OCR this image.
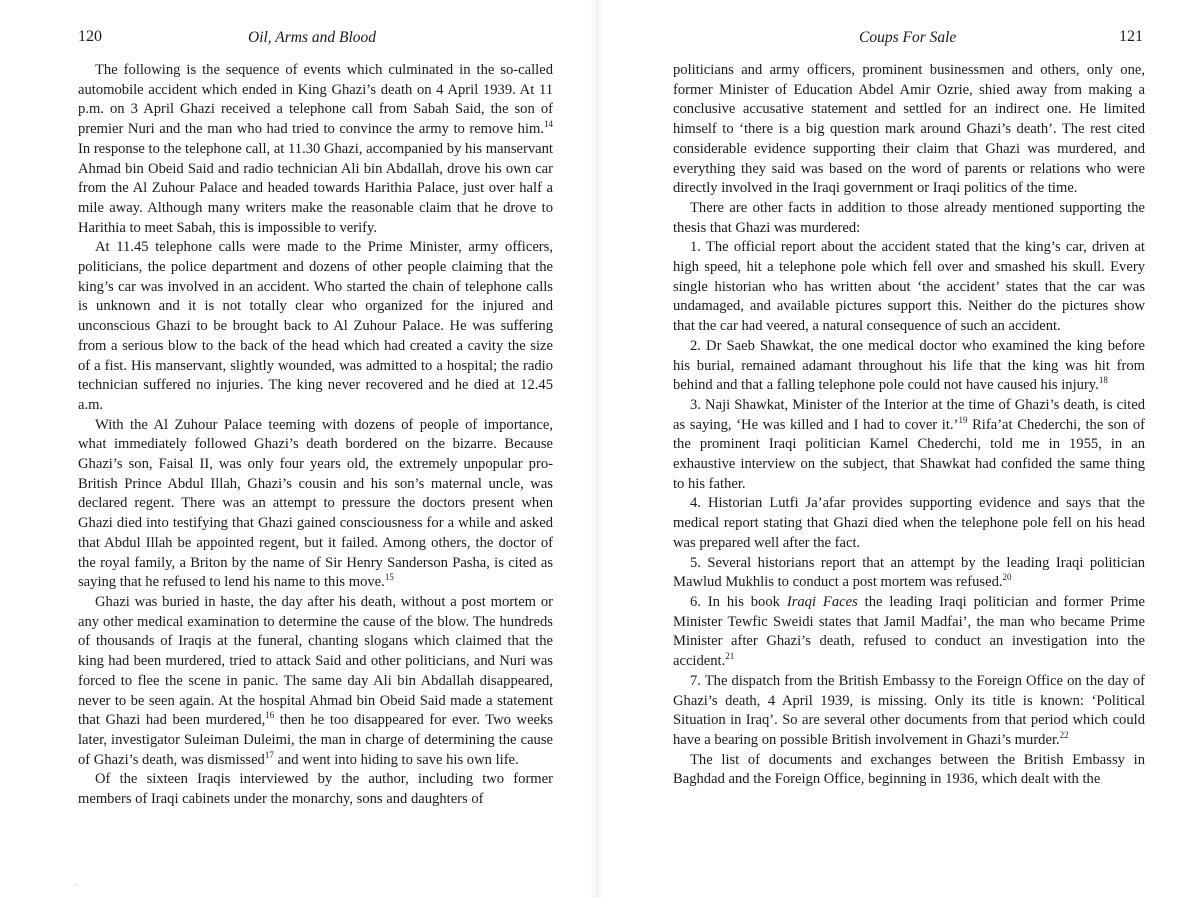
120	Oil, Arms and Blood

The following is the sequence of events which culminated in the so-called automobile accident which ended in King Ghazi’s death on 4 April 1939. At 11 p.m. on 3 April Ghazi received a telephone call from Sabah Said, the son of premier Nuri and the man who had tried to convince the army to remove him.$^{14}$ In response to the telephone call, at 11.30 Ghazi, accompanied by his manservant Ahmad bin Obeid Said and radio technician Ali bin Abdallah, drove his own car from the Al Zuhour Palace and headed towards Harithia Palace, just over half a mile away. Although many writers make the reasonable claim that he drove to Harithia to meet Sabah, this is impossible to verify.

At 11.45 telephone calls were made to the Prime Minister, army officers, politicians, the police department and dozens of other people claiming that the king’s car was involved in an accident. Who started the chain of telephone calls is unknown and it is not totally clear who organized for the injured and unconscious Ghazi to be brought back to Al Zuhour Palace. He was suffering from a serious blow to the back of the head which had created a cavity the size of a fist. His manservant, slightly wounded, was admitted to a hospital; the radio technician suffered no injuries. The king never recovered and he died at 12.45 a.m.

With the Al Zuhour Palace teeming with dozens of people of importance, what immediately followed Ghazi’s death bordered on the bizarre. Because Ghazi’s son, Faisal II, was only four years old, the extremely unpopular pro-British Prince Abdul Illah, Ghazi’s cousin and his son’s maternal uncle, was declared regent. There was an attempt to pressure the doctors present when Ghazi died into testifying that Ghazi gained consciousness for a while and asked that Abdul Illah be appointed regent, but it failed. Among others, the doctor of the royal family, a Briton by the name of Sir Henry Sanderson Pasha, is cited as saying that he refused to lend his name to this move.$^{15}$

Ghazi was buried in haste, the day after his death, without a post mortem or any other medical examination to determine the cause of the blow. The hundreds of thousands of Iraqis at the funeral, chanting slogans which claimed that the king had been murdered, tried to attack Said and other politicians, and Nuri was forced to flee the scene in panic. The same day Ali bin Abdallah disappeared, never to be seen again. At the hospital Ahmad bin Obeid Said made a statement that Ghazi had been murdered,$^{16}$ then he too disappeared for ever. Two weeks later, investigator Suleiman Duleimi, the man in charge of determining the cause of Ghazi’s death, was dismissed$^{17}$ and went into hiding to save his own life.

Of the sixteen Iraqis interviewed by the author, including two former members of Iraqi cabinets under the monarchy, sons and daughters of

·
Coups For Sale	121

politicians and army officers, prominent businessmen and others, only one, former Minister of Education Abdel Amir Ozrie, shied away from making a conclusive accusative statement and settled for an indirect one. He limited himself to ‘there is a big question mark around Ghazi’s death’. The rest cited considerable evidence supporting their claim that Ghazi was murdered, and everything they said was based on the word of parents or relations who were directly involved in the Iraqi government or Iraqi politics of the time.

There are other facts in addition to those already mentioned supporting the thesis that Ghazi was murdered:

1. The official report about the accident stated that the king’s car, driven at high speed, hit a telephone pole which fell over and smashed his skull. Every single historian who has written about ‘the accident’ states that the car was undamaged, and available pictures support this. Neither do the pictures show that the car had veered, a natural consequence of such an accident.

2. Dr Saeb Shawkat, the one medical doctor who examined the king before his burial, remained adamant throughout his life that the king was hit from behind and that a falling telephone pole could not have caused his injury.$^{18}$

3. Naji Shawkat, Minister of the Interior at the time of Ghazi’s death, is cited as saying, ‘He was killed and I had to cover it.’$^{19}$ Rifa’at Chederchi, the son of the prominent Iraqi politician Kamel Chederchi, told me in 1955, in an exhaustive interview on the subject, that Shawkat had confided the same thing to his father.

4. Historian Lutfi Ja’afar provides supporting evidence and says that the medical report stating that Ghazi died when the telephone pole fell on his head was prepared well after the fact.

5. Several historians report that an attempt by the leading Iraqi politician Mawlud Mukhlis to conduct a post mortem was refused.$^{20}$

6. In his book Iraqi Faces the leading Iraqi politician and former Prime Minister Tewfic Sweidi states that Jamil Madfai’, the man who became Prime Minister after Ghazi’s death, refused to conduct an investigation into the accident.$^{21}$

7. The dispatch from the British Embassy to the Foreign Office on the day of Ghazi’s death, 4 April 1939, is missing. Only its title is known: ‘Political Situation in Iraq’. So are several other documents from that period which could have a bearing on possible British involvement in Ghazi’s murder.$^{22}$

The list of documents and exchanges between the British Embassy in Baghdad and the Foreign Office, beginning in 1936, which dealt with the
